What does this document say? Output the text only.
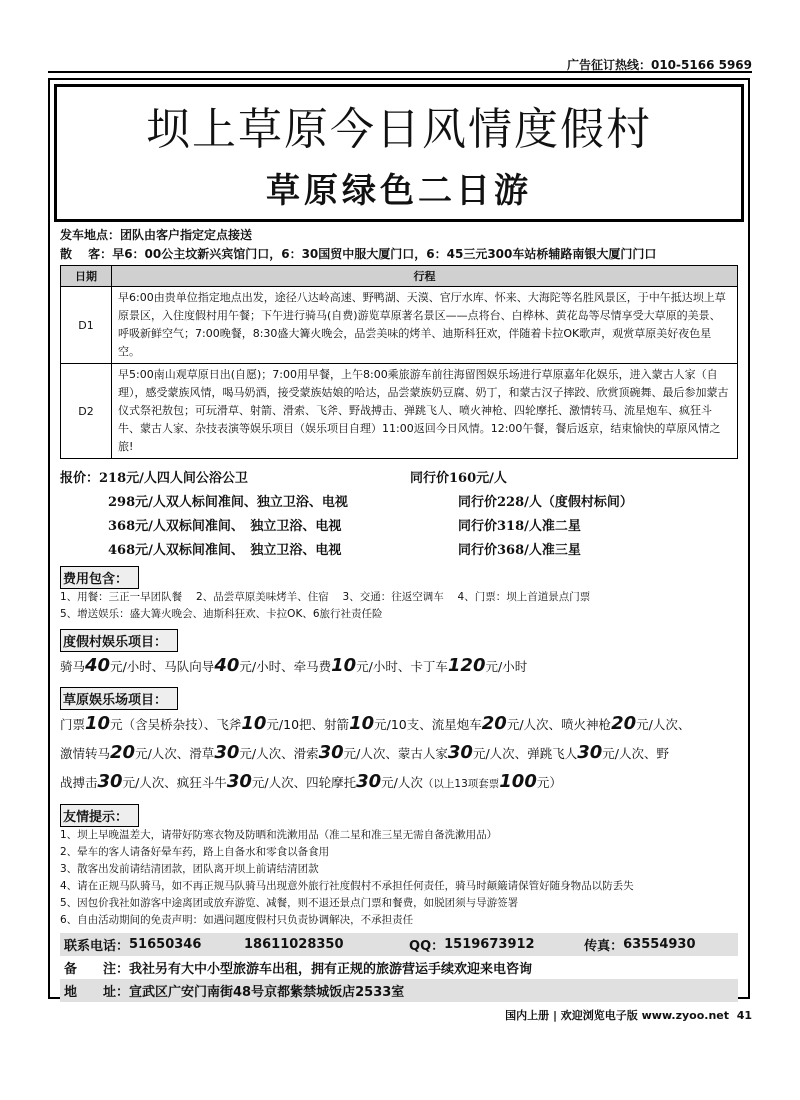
广告征订热线：010-5166 5969
坝上草原今日风情度假村
草原绿色二日游
发车地点：团队由客户指定定点接送
散　 客：早6：00公主坟新兴宾馆门口，6：30国贸中服大厦门口，6：45三元300车站桥辅路南银大厦门门口
日期	行程
D1	早6:00由贵单位指定地点出发，途径八达岭高速、野鸭湖、天漠、官厅水库、怀来、大海陀等名胜风景区，于中午抵达坝上草原景区，入住度假村用午餐；下午进行骑马(自费)游览草原著名景区——点将台、白桦林、黄花岛等尽情享受大草原的美景、呼吸新鲜空气；7:00晚餐，8:30盛大篝火晚会，品尝美味的烤羊、迪斯科狂欢，伴随着卡拉OK歌声，观赏草原美好夜色星空。
D2	早5:00南山观草原日出(自愿)；7:00用早餐，上午8:00乘旅游车前往海留图娱乐场进行草原嘉年化娱乐，进入蒙古人家（自理），感受蒙族风情，喝马奶酒，接受蒙族姑娘的哈达，品尝蒙族奶豆腐、奶丁，和蒙古汉子摔跤、欣赏顶碗舞、最后参加蒙古仪式祭祀敖包；可玩滑草、射箭、滑索、飞斧、野战搏击、弹跳飞人、喷火神枪、四轮摩托、激情转马、流星炮车、疯狂斗牛、蒙古人家、杂技表演等娱乐项目（娱乐项目自理）11:00返回今日风情。12:00午餐，餐后返京，结束愉快的草原风情之旅!
报价：218元/人四人间公浴公卫	同行价160元/人
298元/人双人标间准间、独立卫浴、电视	同行价228/人（度假村标间）
368元/人双标间准间、　独立卫浴、电视	同行价318/人准二星
468元/人双标间准间、　独立卫浴、电视	同行价368/人准三星
费用包含：
1、用餐：三正一早团队餐　 2、品尝草原美味烤羊、住宿　 3、交通：往返空调车　 4、门票：坝上首道景点门票
5、增送娱乐：盛大篝火晚会、迪斯科狂欢、卡拉OK、6旅行社责任险
度假村娱乐项目：
骑马40元/小时、马队向导40元/小时、牵马费10元/小时、卡丁车120元/小时
草原娱乐场项目：
门票10元（含吴桥杂技）、飞斧10元/10把、射箭10元/10支、流星炮车20元/人次、喷火神枪20元/人次、
激情转马20元/人次、滑草30元/人次、滑索30元/人次、蒙古人家30元/人次、弹跳飞人30元/人次、野
战搏击30元/人次、疯狂斗牛30元/人次、四轮摩托30元/人次（以上13项套票100元）
友情提示：
1、坝上早晚温差大，请带好防寒衣物及防晒和洗漱用品（准二星和准三星无需自备洗漱用品）
2、晕车的客人请备好晕车药，路上自备水和零食以备食用
3、散客出发前请结清团款，团队离开坝上前请结清团款
4、请在正规马队骑马，如不再正规马队骑马出现意外旅行社度假村不承担任何责任，骑马时颠簸请保管好随身物品以防丢失
5、因包价我社如游客中途离团或放弃游览、减餐，则不退还景点门票和餐费，如脱团须与导游签署
6、自由活动期间的免责声明：如遇问题度假村只负责协调解决，不承担责任
联系电话： 51650346	18611028350	QQ： 1519673912	传真： 63554930
备　　注： 我社另有大中小型旅游车出租，拥有正规的旅游营运手续欢迎来电咨询
地　　址： 宣武区广安门南街48号京都紫禁城饭店2533室
国内上册 | 欢迎浏览电子版 www.zyoo.net 41
